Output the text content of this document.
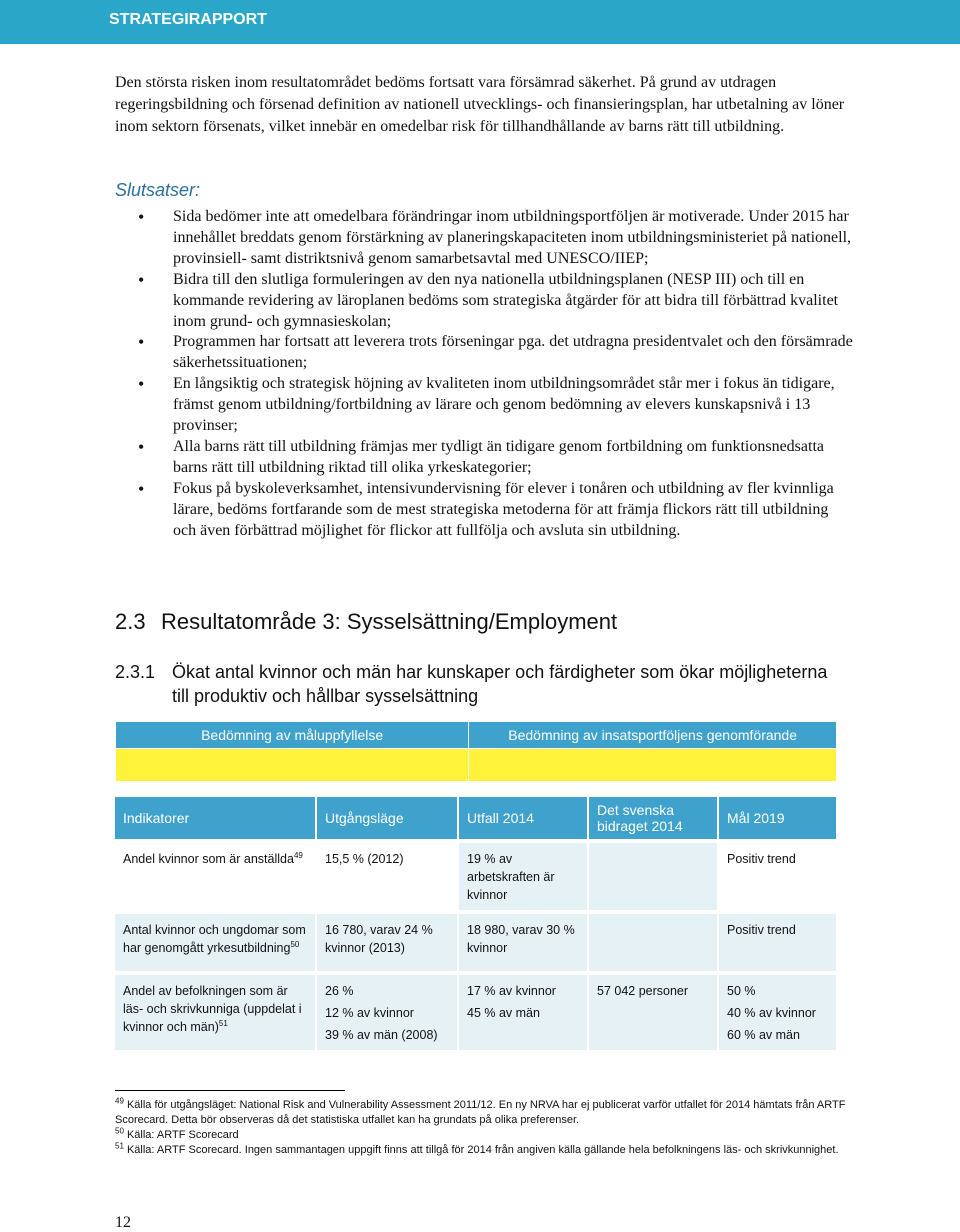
STRATEGIRAPPORT

Den största risken inom resultatområdet bedöms fortsatt vara försämrad säkerhet. På grund av utdragen regeringsbildning och försenad definition av nationell utvecklings- och finansieringsplan, har utbetalning av löner inom sektorn försenats, vilket innebär en omedelbar risk för tillhandhållande av barns rätt till utbildning.

Slutsatser:
• Sida bedömer inte att omedelbara förändringar inom utbildningsportföljen är motiverade. Under 2015 har innehållet breddats genom förstärkning av planeringskapaciteten inom utbildningsministeriet på nationell, provinsiell- samt distriktsnivå genom samarbetsavtal med UNESCO/IIEP;
• Bidra till den slutliga formuleringen av den nya nationella utbildningsplanen (NESP III) och till en kommande revidering av läroplanen bedöms som strategiska åtgärder för att bidra till förbättrad kvalitet inom grund- och gymnasieskolan;
• Programmen har fortsatt att leverera trots förseningar pga. det utdragna presidentvalet och den försämrade säkerhetssituationen;
• En långsiktig och strategisk höjning av kvaliteten inom utbildningsområdet står mer i fokus än tidigare, främst genom utbildning/fortbildning av lärare och genom bedömning av elevers kunskapsnivå i 13 provinser;
• Alla barns rätt till utbildning främjas mer tydligt än tidigare genom fortbildning om funktionsnedsatta barns rätt till utbildning riktad till olika yrkeskategorier;
• Fokus på byskoleverksamhet, intensivundervisning för elever i tonåren och utbildning av fler kvinnliga lärare, bedöms fortfarande som de mest strategiska metoderna för att främja flickors rätt till utbildning och även förbättrad möjlighet för flickor att fullfölja och avsluta sin utbildning.
2.3 Resultatområde 3: Sysselsättning/Employment
2.3.1 Ökat antal kvinnor och män har kunskaper och färdigheter som ökar möjligheterna till produktiv och hållbar sysselsättning
Bedömning av måluppfyllelse	Bedömning av insatsportföljens genomförande

Indikatorer	Utgångsläge	Utfall 2014	Det svenska bidraget 2014	Mål 2019
Andel kvinnor som är anställda$^{49}$	15,5 % (2012)	19 % av arbetskraften är kvinnor		Positiv trend

Antal kvinnor och ungdomar som har genomgått yrkesutbildning$^{50}$	16 780, varav 24 % kvinnor (2013)	18 980, varav 30 % kvinnor		Positiv trend

Andel av befolkningen som är läs- och skrivkunniga (uppdelat i kvinnor och män)$^{51}$	26 %
12 % av kvinnor
39 % av män (2008)	17 % av kvinnor
45 % av män	57 042 personer	50 %
40 % av kvinnor
60 % av män

$^{49}$ Källa för utgångsläget: National Risk and Vulnerability Assessment 2011/12. En ny NRVA har ej publicerat varför utfallet för 2014 hämtats från ARTF Scorecard. Detta bör observeras då det statistiska utfallet kan ha grundats på olika preferenser.

$^{50}$ Källa: ARTF Scorecard

$^{51}$ Källa: ARTF Scorecard. Ingen sammantagen uppgift finns att tillgå för 2014 från angiven källa gällande hela befolkningens läs- och skrivkunnighet.

12
